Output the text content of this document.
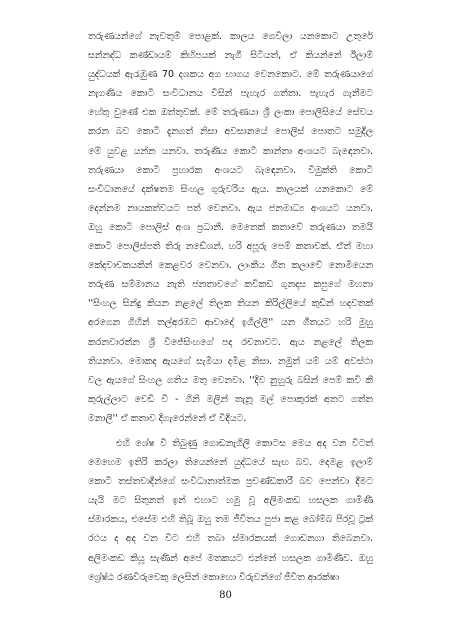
තරුණයන්ගේ නැවතුම් පොළක්. කාලය ගෙවිලා යනකොට උතුරේ
සන්නද්ධ කණ්ඩායම් කිහිපයක් නැගී සිටියත්, ඒ කියන්නේ ඊලාම්
යුද්ධයක් ඇරැඹුණ 70 දශකය අග භාගය වෙනකොට. මේ තරුණයාගේ
නැගණිය කොටි සංවිධානය විසින් පැහැර ගත්තා. පැහැර ගැනීමට
හේතු වුණේ එක ඔත්තුවක්. මේ තරුණයා ශ්‍රී ලංකා පොලිසියේ සේවය
කරන බව කොටි දැනගත් නිසා අවසානයේ පොලිස් පොතට සමුදීල
මේ යුවළ යන්න යනවා. තරුණිය කොටි කාන්තා අංශයට බැඳෙනවා.
තරුණයා කොටි ප්‍රහාරක අංශයට බැඳෙනවා. විමුක්ති කොටි
සංවිධානයේ දක්ෂතම සිංහල ගුරුවරිය ඇය. කාලයක් යනකොට මේ
දෙන්නම නායකත්වයට පත් වෙනවා. ඇය ජනමාධ්‍ය අංශයට යනවා.
ඔහු කොටි පොලිස් අංශ ප්‍රධානී. මෙතෙක් කතාවේ තරුණයා තමයි
කොටි පොලිස්පති තිරු නඩේශන්. හරි අපූරු පෙම් කතාවක්. ඒත් මහා
කේදවාචකයකින් කෙළවර වෙනවා. ලාංකීය ගීත කලාවේ නොමියෙන
තරුණ සම්මානය නැති ජනතාවගේ කවිකඩ ගුනදාස කපුගේ මහතා
''සිංහල සින්දු කියන නළලේ තිලක තියන කිරිල්ලියේ කුඩින් හදවතක්
අරගෙන ගිහින් තල්අරඹට ආවාදෝ ඉගිල්ලී'' යන ගීතයට හරි මුහු
කරනවාරත්න ශ්‍රී වීජේසිංහගේ පද රචනාවට. ඇය නළලේ තිලක
තියනවා. මොකද ඇයගේ සැමියා දමිළ නිසා. නමුත් යම් යම් අවස්ථා
වල ඇයගේ සිංහල ගතිය මතු වෙනවා. ''දිව නුහුරු බසින් පෙම් කවි කී
කුරුල්ලාට වෙඩි වී - ගිනි මලින් තැනූ මල් පොකුරක් අතට ගත්ත
මනාලී'' ඒ කතාව දිගැරෙන්නේ ඒ විදියට.
එහි ශේෂ වී තිබුණු ගොඩනැගිලි කොටස මෙය අද වන විටත්
මෙහෙම ඉතිරි කරලා තියෙන්නේ යුද්ධයේ සැඟ බව. දෙමළ ඉලාම්
කොටි තස්තවාදීන්ගේ සංවිධානාත්මක ප්‍රචණ්ඩකාරී බව පෙන්වා දීමට
යැයි මට සිතුනත් ඉන් එහාට හමු වූ අලිමංකඩ හසලක ගාමිණී
ස්මාරකය, එසේම එහි තිබූ ඔහු තම ජීවිතය පුජා කළ බෝම්බ පිරවූ ට්‍රක්
රථය ද අද වන විට එහි තබා ස්මාරකයක් ගොඩනගා තිබෙනවා.
අලිමංකඩ කියූ සැණින් අපේ මතකයට එන්නේ හසලක ගාමිණීව. ඔහු
ශ්‍රේෂ්ඨ රණවිරුවෙකු ලෙසින් කොහො වීරුවන්ගේ ජීවිත ආරක්ෂා
80
